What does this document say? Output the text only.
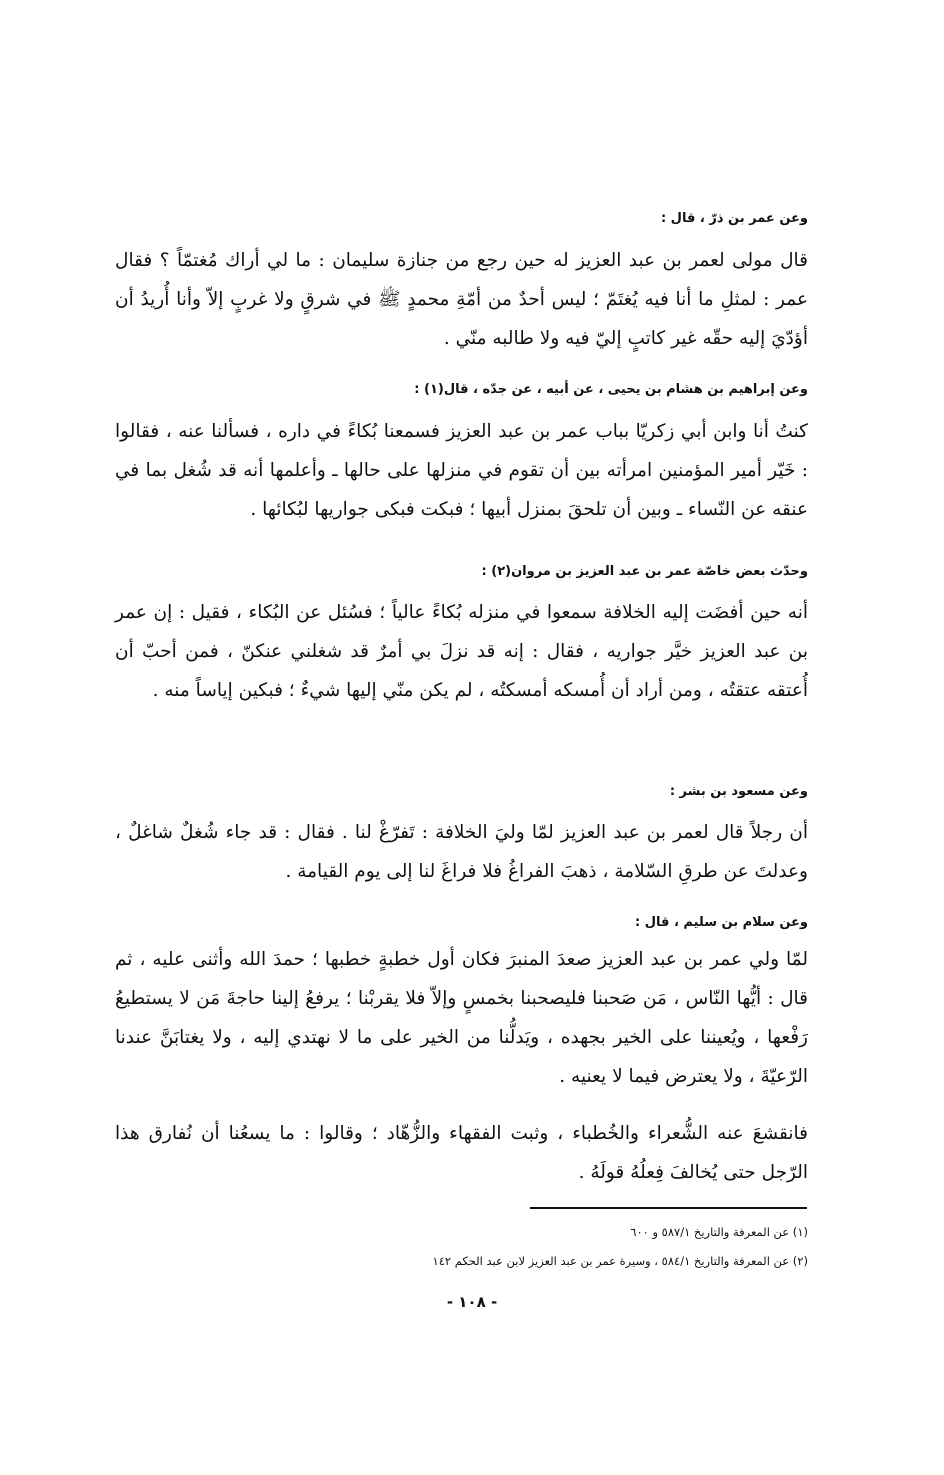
وعن عمر بن ذرّ ، قال :
قال مولى لعمر بن عبد العزيز له حين رجع من جنازة سليمان : ما لي أراك مُغتمّاً ؟ فقال عمر : لمثلِ ما أنا فيه يُغتَمّ ؛ ليس أحدٌ من أمّةِ محمدٍ ﷺ في شرقٍ ولا غربٍ إلاّ وأنا أُريدُ أن أؤدّيَ إليه حقّه غير كاتبٍ إليّ فيه ولا طالبه منّي .
وعن إبراهيم بن هشام بن يحيى ، عن أبيه ، عن جدّه ، قال(١) :
كنتُ أنا وابن أبي زكريّا بباب عمر بن عبد العزيز فسمعنا بُكاءً في داره ، فسألنا عنه ، فقالوا : خَيّر أمير المؤمنين امرأته بين أن تقوم في منزلها على حالها ـ وأعلمها أنه قد شُغل بما في عنقه عن النّساء ـ وبين أن تلحقَ بمنزل أبيها ؛ فبكت فبكى جواريها لبُكائها .
وحدّث بعض خاصّة عمر بن عبد العزيز بن مروان(٢) :
أنه حين أفضَت إليه الخلافة سمعوا في منزله بُكاءً عالياً ؛ فسُئل عن البُكاء ، فقيل : إن عمر بن عبد العزيز خيَّر جواريه ، فقال : إنه قد نزلَ بي أمرٌ قد شغلني عنكنّ ، فمن أحبّ أن أُعتقه عتقتُه ، ومن أراد أن أُمسكه أمسكتُه ، لم يكن منّي إليها شيءٌ ؛ فبكين إياساً منه .
وعن مسعود بن بشر :
أن رجلاً قال لعمر بن عبد العزيز لمّا وليَ الخلافة : تَفرّغْ لنا . فقال : قد جاء شُغلٌ شاغلٌ ، وعدلتَ عن طرقِ السّلامة ، ذهبَ الفراغُ فلا فراغَ لنا إلى يوم القيامة .
وعن سلام بن سليم ، قال :
لمّا ولي عمر بن عبد العزيز صعدَ المنبرَ فكان أول خطبةٍ خطبها ؛ حمدَ الله وأثنى عليه ، ثم قال : أيُّها النّاس ، مَن صَحبنا فليصحبنا بخمسٍ وإلاّ فلا يقربْنا ؛ يرفعُ إلينا حاجةَ مَن لا يستطيعُ رَفْعها ، ويُعيننا على الخير بجهده ، ويَدلُّنا من الخير على ما لا نهتدي إليه ، ولا يغتابَنَّ عندنا الرّعيّةَ ، ولا يعترض فيما لا يعنيه .
فانقشعَ عنه الشُّعراء والخُطباء ، وثبت الفقهاء والزُّهّاد ؛ وقالوا : ما يسعُنا أن نُفارق هذا الرّجل حتى يُخالفَ فِعلُهُ قولَهُ .
(١) عن المعرفة والتاريخ ٥٨٧/١ و ٦٠٠
(٢) عن المعرفة والتاريخ ٥٨٤/١ ، وسيرة عمر بن عبد العزيز لابن عبد الحكم ١٤٢
- ١٠٨ -
